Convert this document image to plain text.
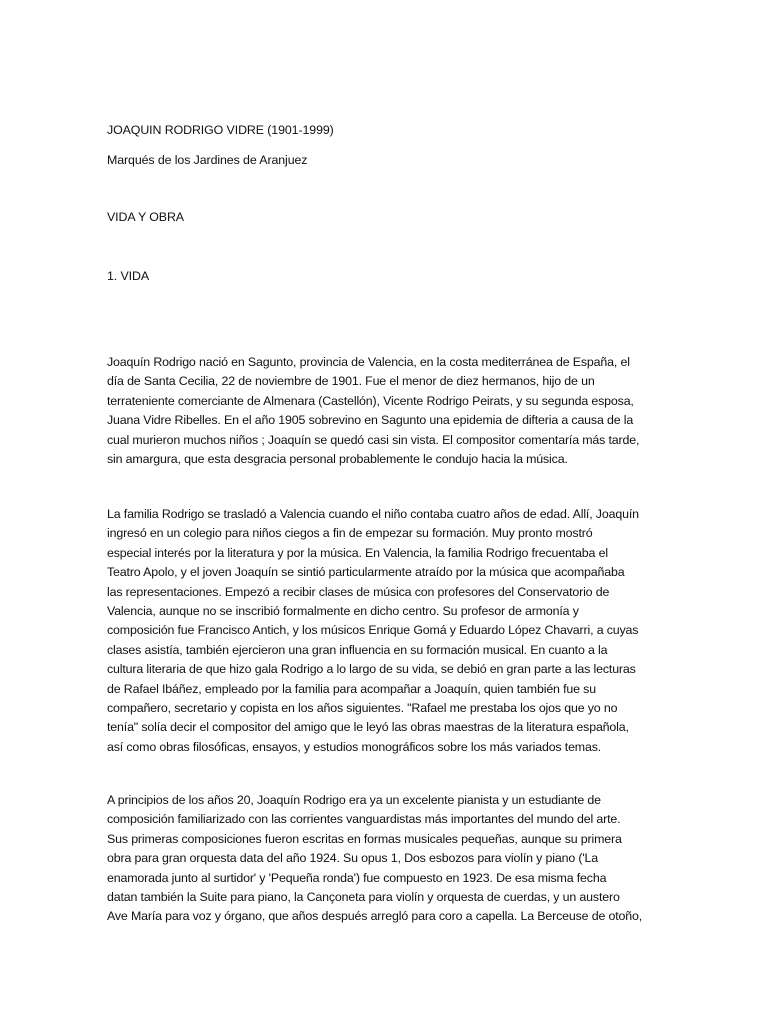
JOAQUIN RODRIGO VIDRE (1901-1999)
Marqués de los Jardines de Aranjuez
VIDA Y OBRA
1. VIDA

Joaquín Rodrigo nació en Sagunto, provincia de Valencia, en la costa mediterránea de España, el
día de Santa Cecilia, 22 de noviembre de 1901. Fue el menor de diez hermanos, hijo de un
terrateniente comerciante de Almenara (Castellón), Vicente Rodrigo Peirats, y su segunda esposa,
Juana Vidre Ribelles. En el año 1905 sobrevino en Sagunto una epidemia de difteria a causa de la
cual murieron muchos niños ; Joaquín se quedó casi sin vista. El compositor comentaría más tarde,
sin amargura, que esta desgracia personal probablemente le condujo hacia la música.

La familia Rodrigo se trasladó a Valencia cuando el niño contaba cuatro años de edad. Allí, Joaquín
ingresó en un colegio para niños ciegos a fin de empezar su formación. Muy pronto mostró
especial interés por la literatura y por la música. En Valencia, la familia Rodrigo frecuentaba el
Teatro Apolo, y el joven Joaquín se sintió particularmente atraído por la música que acompañaba
las representaciones. Empezó a recibir clases de música con profesores del Conservatorio de
Valencia, aunque no se inscribió formalmente en dicho centro. Su profesor de armonía y
composición fue Francisco Antich, y los músicos Enrique Gomá y Eduardo López Chavarri, a cuyas
clases asistía, también ejercieron una gran influencia en su formación musical. En cuanto a la
cultura literaria de que hizo gala Rodrigo a lo largo de su vida, se debió en gran parte a las lecturas
de Rafael Ibáñez, empleado por la familia para acompañar a Joaquín, quien también fue su
compañero, secretario y copista en los años siguientes. "Rafael me prestaba los ojos que yo no
tenía" solía decir el compositor del amigo que le leyó las obras maestras de la literatura española,
así como obras filosóficas, ensayos, y estudios monográficos sobre los más variados temas.

A principios de los años 20, Joaquín Rodrigo era ya un excelente pianista y un estudiante de
composición familiarizado con las corrientes vanguardistas más importantes del mundo del arte.
Sus primeras composiciones fueron escritas en formas musicales pequeñas, aunque su primera
obra para gran orquesta data del año 1924. Su opus 1, Dos esbozos para violín y piano ('La
enamorada junto al surtidor' y 'Pequeña ronda') fue compuesto en 1923. De esa misma fecha
datan también la Suite para piano, la Cançoneta para violín y orquesta de cuerdas, y un austero
Ave María para voz y órgano, que años después arregló para coro a capella. La Berceuse de otoño,
